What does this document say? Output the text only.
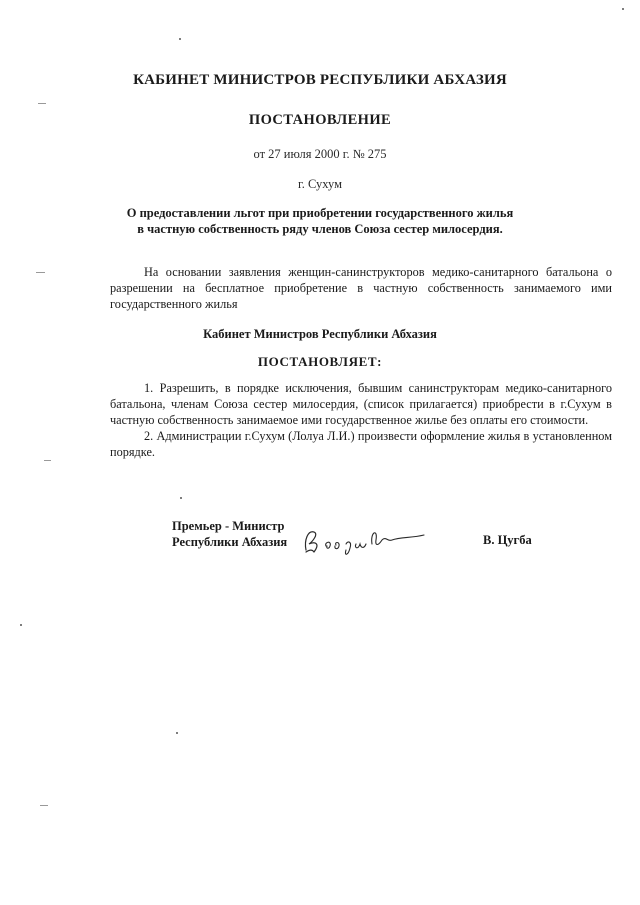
КАБИНЕТ МИНИСТРОВ РЕСПУБЛИКИ АБХАЗИЯ
ПОСТАНОВЛЕНИЕ
от 27 июля 2000 г. № 275
г. Сухум
О предоставлении льгот при приобретении государственного жилья
в частную собственность ряду членов Союза сестер милосердия.
На основании заявления женщин-санинструкторов медико-санитарного батальона о разрешении на бесплатное приобретение в частную собственность занимаемого ими государственного жилья
Кабинет Министров Республики Абхазия
ПОСТАНОВЛЯЕТ:

1. Разрешить, в порядке исключения, бывшим санинструкторам медико-санитарного батальона, членам Союза сестер милосердия, (список прилагается) приобрести в г.Сухум в частную собственность занимаемое ими государственное жилье без оплаты его стоимости.

2. Администрации г.Сухум (Лолуа Л.И.) произвести оформление жилья в установленном порядке.

Премьер - Министр
Республики Абхазия	В. Цугба
